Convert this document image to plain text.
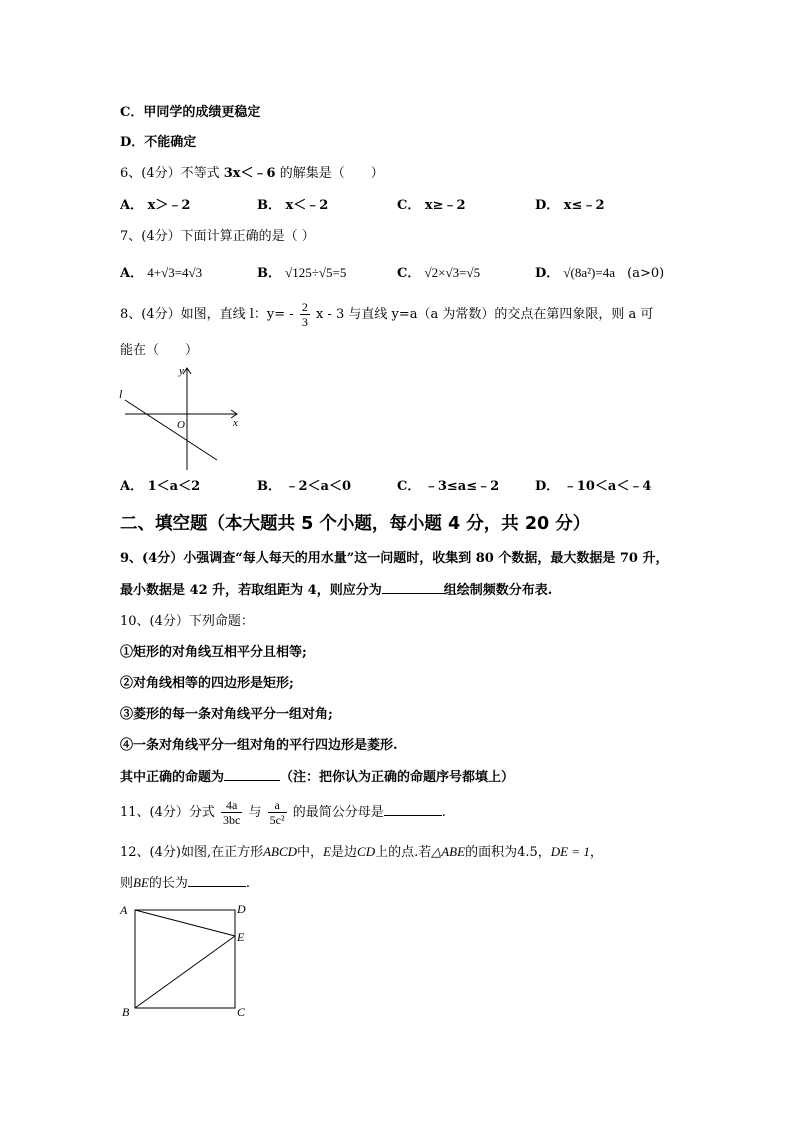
C．甲同学的成绩更稳定
D．不能确定
6、(4分）不等式 3x＜﹣6 的解集是（　　）
A． x＞﹣2	B． x＜﹣2	C． x≥﹣2	D． x≤﹣2
7、(4分）下面计算正确的是（ ）
A． 4+√3=4√3	B． √125÷√5=5	C． √2×√3=√5	D． √(8a²)=4a (a>0)
8、(4分）如图，直线 l：$y= - \frac{2}{3}$ x - 3 与直线 y=a（a 为常数）的交点在第四象限，则 a 可
能在（　　）
l
y
O	x
A． 1＜a＜2	B． ﹣2＜a＜0	C． ﹣3≤a≤﹣2	D． ﹣10＜a＜﹣4
二、填空题（本大题共 5 个小题，每小题 4 分，共 20 分）
9、(4分）小强调查“每人每天的用水量”这一问题时，收集到 80 个数据，最大数据是 70 升，
最小数据是 42 升，若取组距为 4，则应分为	组绘制频数分布表.
10、(4分）下列命题：
①矩形的对角线互相平分且相等;
②对角线相等的四边形是矩形;
③菱形的每一条对角线平分一组对角;
④一条对角线平分一组对角的平行四边形是菱形.
其中正确的命题为	（注：把你认为正确的命题序号都填上）
11、(4分）分式 $\frac{4a}{3bc}$ 与 $\frac{a}{\text{5c²}}$ 的最简公分母是	.
12、(4分)如图,在正方形ABCD中，E是边CD上的点.若△ABE的面积为4.5，DE = 1，
则BE的长为	.
A	D
E
B	C
